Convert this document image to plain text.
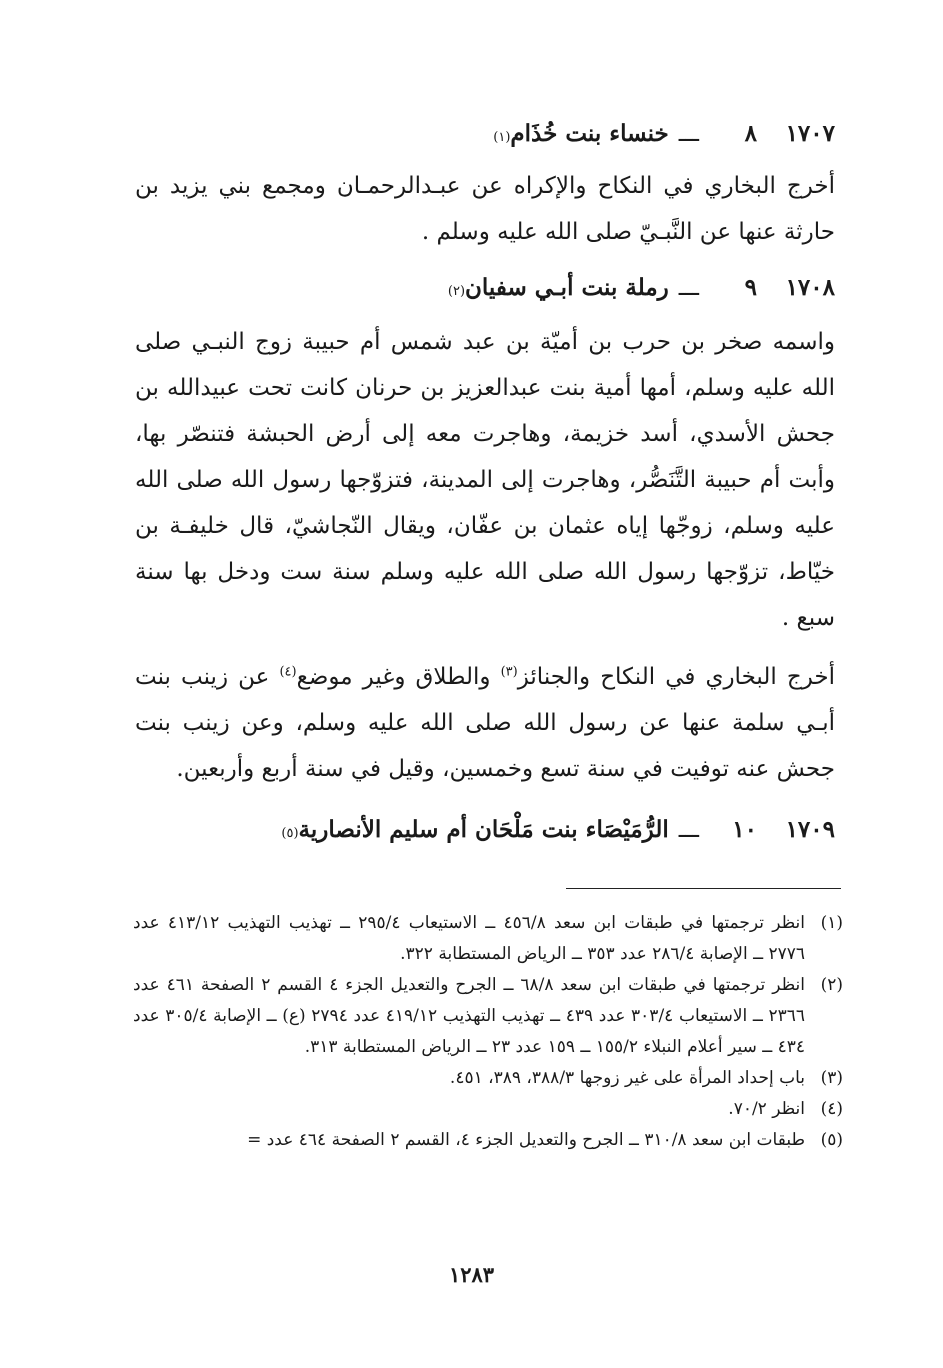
١٧٠٧
٨
ـــ
خنساء بنت خُذَام
(١)
أخرج البخاري في النكاح والإكراه عن عبـدالرحمـان ومجمع بني يزيد بن حارثة عنها عن النَّبـيّ صلى الله عليه وسلم .
١٧٠٨
٩
ـــ
رملة بنت أبـي سفيان
(٢)
واسمه صخر بن حرب بن أميّة بن عبد شمس أم حبيبة زوج النبـي صلى الله عليه وسلم، أمها أمية بنت عبدالعزيز بن حرنان كانت تحت عبيدالله بن جحش الأسدي، أسد خزيمة، وهاجرت معه إلى أرض الحبشة فتنصّر بها، وأبت أم حبيبة التَّنَصُّر، وهاجرت إلى المدينة، فتزوّجها رسول الله صلى الله عليه وسلم، زوجّها إياه عثمان بن عفّان، ويقال النّجاشيّ، قال خليفـة بن خيّاط، تزوّجها رسول الله صلى الله عليه وسلم سنة ست ودخل بها سنة سبع .
أخرج البخاري في النكاح والجنائز$^{(٣)}$ والطلاق وغير موضع$^{(٤)}$ عن زينب بنت أبـي سلمة عنها عن رسول الله صلى الله عليه وسلم، وعن زينب بنت جحش عنه توفيت في سنة تسع وخمسين، وقيل في سنة أربع وأربعين.
١٧٠٩
١٠
ـــ
الرُّمَيْصَاء بنت مَلْحَان أم سليم الأنصارية
(٥)
(١)
انظر ترجمتها في طبقات ابن سعد ٤٥٦/٨ ــ الاستيعاب ٢٩٥/٤ ــ تهذيب التهذيب ٤١٣/١٢ عدد ٢٧٧٦ ــ الإصابة ٢٨٦/٤ عدد ٣٥٣ ــ الرياض المستطابة ٣٢٢.
(٢)
انظر ترجمتها في طبقات ابن سعد ٦٨/٨ ــ الجرح والتعديل الجزء ٤ القسم ٢ الصفحة ٤٦١ عدد ٢٣٦٦ ــ الاستيعاب ٣٠٣/٤ عدد ٤٣٩ ــ تهذيب التهذيب ٤١٩/١٢ عدد ٢٧٩٤ (ع) ــ الإصابة ٣٠٥/٤ عدد ٤٣٤ ــ سير أعلام النبلاء ١٥٥/٢ ــ ١٥٩ عدد ٢٣ ــ الرياض المستطابة ٣١٣.
(٣)
باب إحداد المرأة على غير زوجها ٣٨٨/٣، ٣٨٩، ٤٥١.
(٤)
انظر ٧٠/٢.
(٥)
طبقات ابن سعد ٣١٠/٨ ــ الجرح والتعديل الجزء ٤، القسم ٢ الصفحة ٤٦٤ عدد =
١٢٨٣
